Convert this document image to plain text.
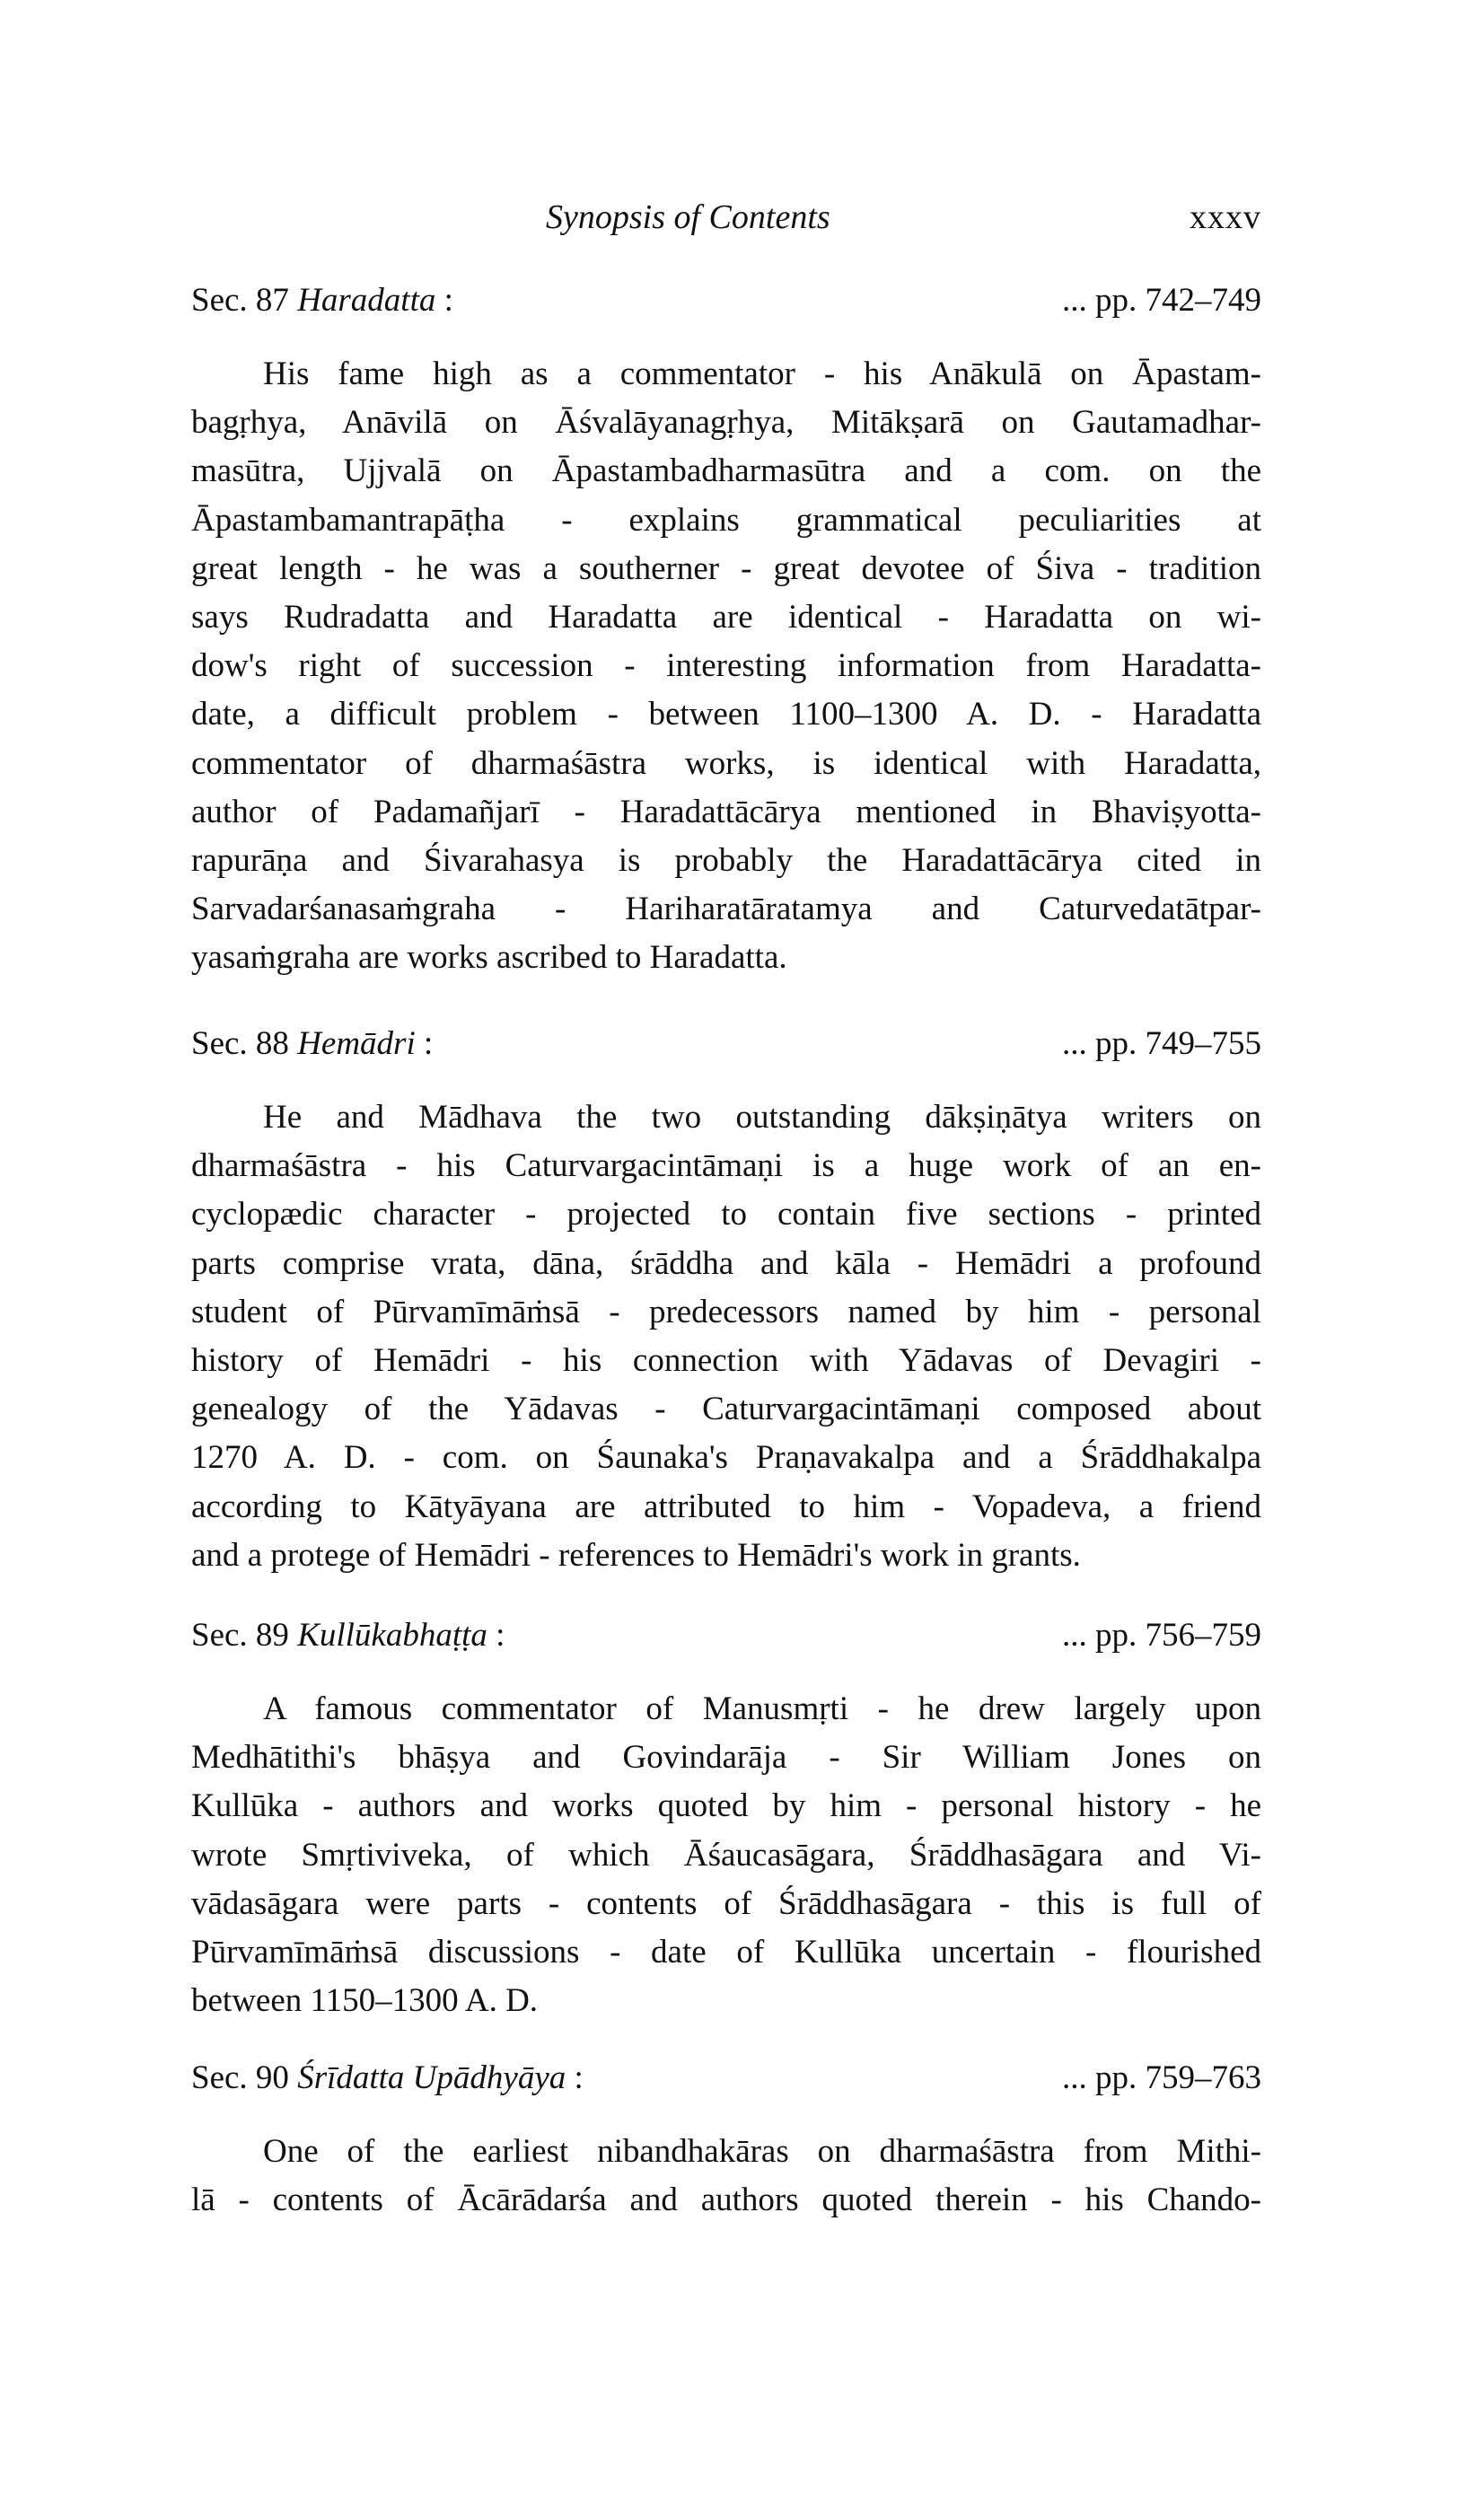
Synopsis of Contents	xxxv
Sec. 87 Haradatta :	... pp. 742–749
His fame high as a commentator - his Anākulā on Āpastam-
bagṛhya, Anāvilā on Āśvalāyanagṛhya, Mitākṣarā on Gautamadhar-
masūtra, Ujjvalā on Āpastambadharmasūtra and a com. on the
Āpastambamantrapāṭha - explains grammatical peculiarities at
great length - he was a southerner - great devotee of Śiva - tradition
says Rudradatta and Haradatta are identical - Haradatta on wi-
dow's right of succession - interesting information from Haradatta-
date, a difficult problem - between 1100–1300 A. D. - Haradatta
commentator of dharmaśāstra works, is identical with Haradatta,
author of Padamañjarī - Haradattācārya mentioned in Bhaviṣyotta-
rapurāṇa and Śivarahasya is probably the Haradattācārya cited in
Sarvadarśanasaṁgraha - Hariharatāratamya and Caturvedatātpar-
yasaṁgraha are works ascribed to Haradatta.
Sec. 88 Hemādri :	... pp. 749–755
He and Mādhava the two outstanding dākṣiṇātya writers on
dharmaśāstra - his Caturvargacintāmaṇi is a huge work of an en-
cyclopædic character - projected to contain five sections - printed
parts comprise vrata, dāna, śrāddha and kāla - Hemādri a profound
student of Pūrvamīmāṁsā - predecessors named by him - personal
history of Hemādri - his connection with Yādavas of Devagiri -
genealogy of the Yādavas - Caturvargacintāmaṇi composed about
1270 A. D. - com. on Śaunaka's Praṇavakalpa and a Śrāddhakalpa
according to Kātyāyana are attributed to him - Vopadeva, a friend
and a protege of Hemādri - references to Hemādri's work in grants.
Sec. 89 Kullūkabhaṭṭa :	... pp. 756–759
A famous commentator of Manusmṛti - he drew largely upon
Medhātithi's bhāṣya and Govindarāja - Sir William Jones on
Kullūka - authors and works quoted by him - personal history - he
wrote Smṛtiviveka, of which Āśaucasāgara, Śrāddhasāgara and Vi-
vādasāgara were parts - contents of Śrāddhasāgara - this is full of
Pūrvamīmāṁsā discussions - date of Kullūka uncertain - flourished
between 1150–1300 A. D.
Sec. 90 Śrīdatta Upādhyāya :	... pp. 759–763
One of the earliest nibandhakāras on dharmaśāstra from Mithi-
lā - contents of Ācārādarśa and authors quoted therein - his Chando-
